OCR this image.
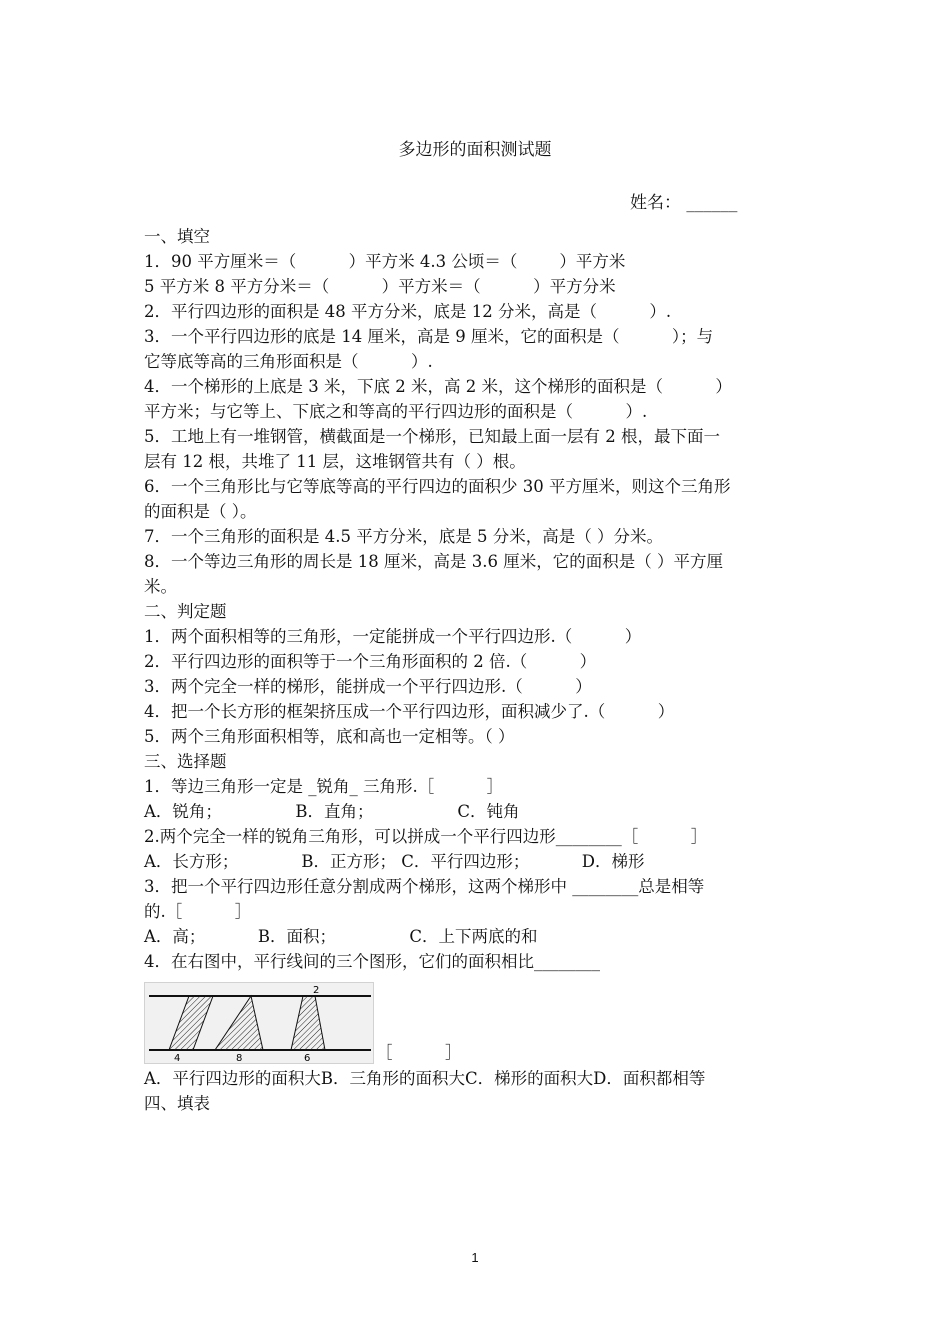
多边形的面积测试题
姓名： ______
一、填空
1．90 平方厘米＝（          ）平方米 4.3 公顷＝（        ）平方米
5 平方米 8 平方分米＝（          ）平方米＝（          ）平方分米
2．平行四边形的面积是 48 平方分米，底是 12 分米，高是（          ）.
3．一个平行四边形的底是 14 厘米，高是 9 厘米，它的面积是（          ）；与
它等底等高的三角形面积是（          ）.
4．一个梯形的上底是 3 米，下底 2 米，高 2 米，这个梯形的面积是（          ）
平方米；与它等上、下底之和等高的平行四边形的面积是（          ）.
5．工地上有一堆钢管，横截面是一个梯形，已知最上面一层有 2 根，最下面一
层有 12 根，共堆了 11 层，这堆钢管共有（ ）根。
6．一个三角形比与它等底等高的平行四边的面积少 30 平方厘米，则这个三角形
的面积是（ ）。
7．一个三角形的面积是 4.5 平方分米，底是 5 分米，高是（ ）分米。
8．一个等边三角形的周长是 18 厘米，高是 3.6 厘米，它的面积是（ ）平方厘
米。
二、判定题
1．两个面积相等的三角形，一定能拼成一个平行四边形.（          ）
2．平行四边形的面积等于一个三角形面积的 2 倍.（          ）
3．两个完全一样的梯形，能拼成一个平行四边形.（          ）
4．把一个长方形的框架挤压成一个平行四边形，面积减少了.（          ）
5．两个三角形面积相等，底和高也一定相等。（ ）
三、选择题
1．等边三角形一定是 _锐角_ 三角形.［          ］
A．锐角；              B．直角；                C．钝角
2.两个完全一样的锐角三角形，可以拼成一个平行四边形________［          ］
A．长方形；            B．正方形； C．平行四边形；          D．梯形
3．把一个平行四边形任意分割成两个梯形，这两个梯形中 ________总是相等
的.［          ］
A．高；          B．面积；              C．上下两底的和
4．在右图中，平行线间的三个图形，它们的面积相比________
2
4	8	6	［          ］
A．平行四边形的面积大B．三角形的面积大C．梯形的面积大D．面积都相等
四、填表
1
